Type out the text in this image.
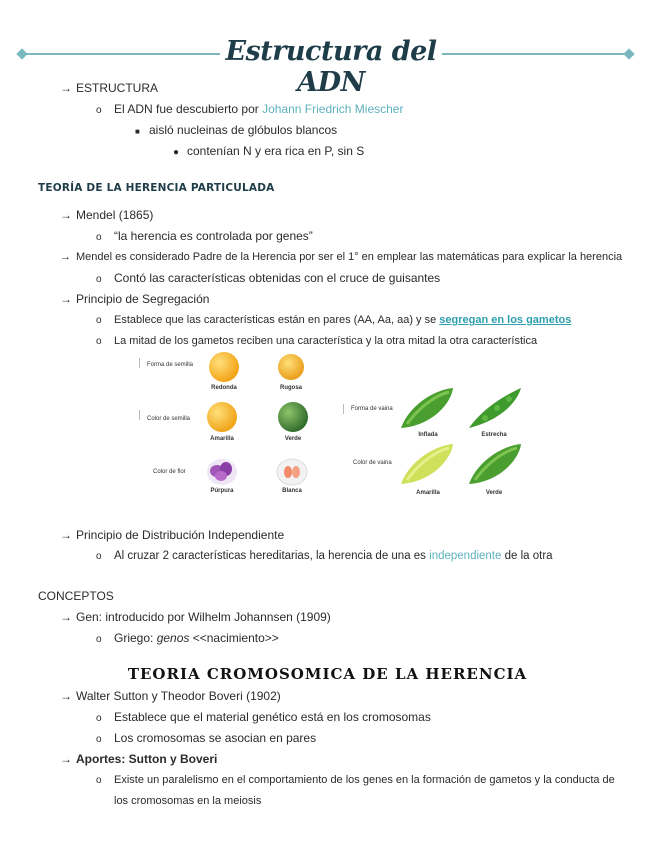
Estructura del ADN
→ ESTRUCTURA
o El ADN fue descubierto por Johann Friedrich Miescher
■ aisló nucleinas de glóbulos blancos
● contenían N y era rica en P, sin S
TEORÍA DE LA HERENCIA PARTICULADA
→ Mendel (1865)
o “la herencia es controlada por genes”
→ Mendel es considerado Padre de la Herencia por ser el 1° en emplear las matemáticas para explicar la herencia
o Contó las características obtenidas con el cruce de guisantes
→ Principio de Segregación
o Establece que las características están en pares (AA, Aa, aa) y se segregan en los gametos
o La mitad de los gametos reciben una característica y la otra mitad la otra característica
Forma de semilla
Redonda	Rugosa
Color de semilla
Amarilla	Verde
Color de flor
Púrpura	Blanca
Forma de vaina
Inflada	Estrecha
Color de vaina
Amarilla	Verde
→ Principio de Distribución Independiente
o Al cruzar 2 características hereditarias, la herencia de una es independiente de la otra
CONCEPTOS
→ Gen: introducido por Wilhelm Johannsen (1909)
o Griego: genos <<nacimiento>>
TEORIA CROMOSOMICA DE LA HERENCIA
→ Walter Sutton y Theodor Boveri (1902)
o Establece que el material genético está en los cromosomas
o Los cromosomas se asocian en pares
→ Aportes: Sutton y Boveri
o Existe un paralelismo en el comportamiento de los genes en la formación de gametos y la conducta de
los cromosomas en la meiosis
